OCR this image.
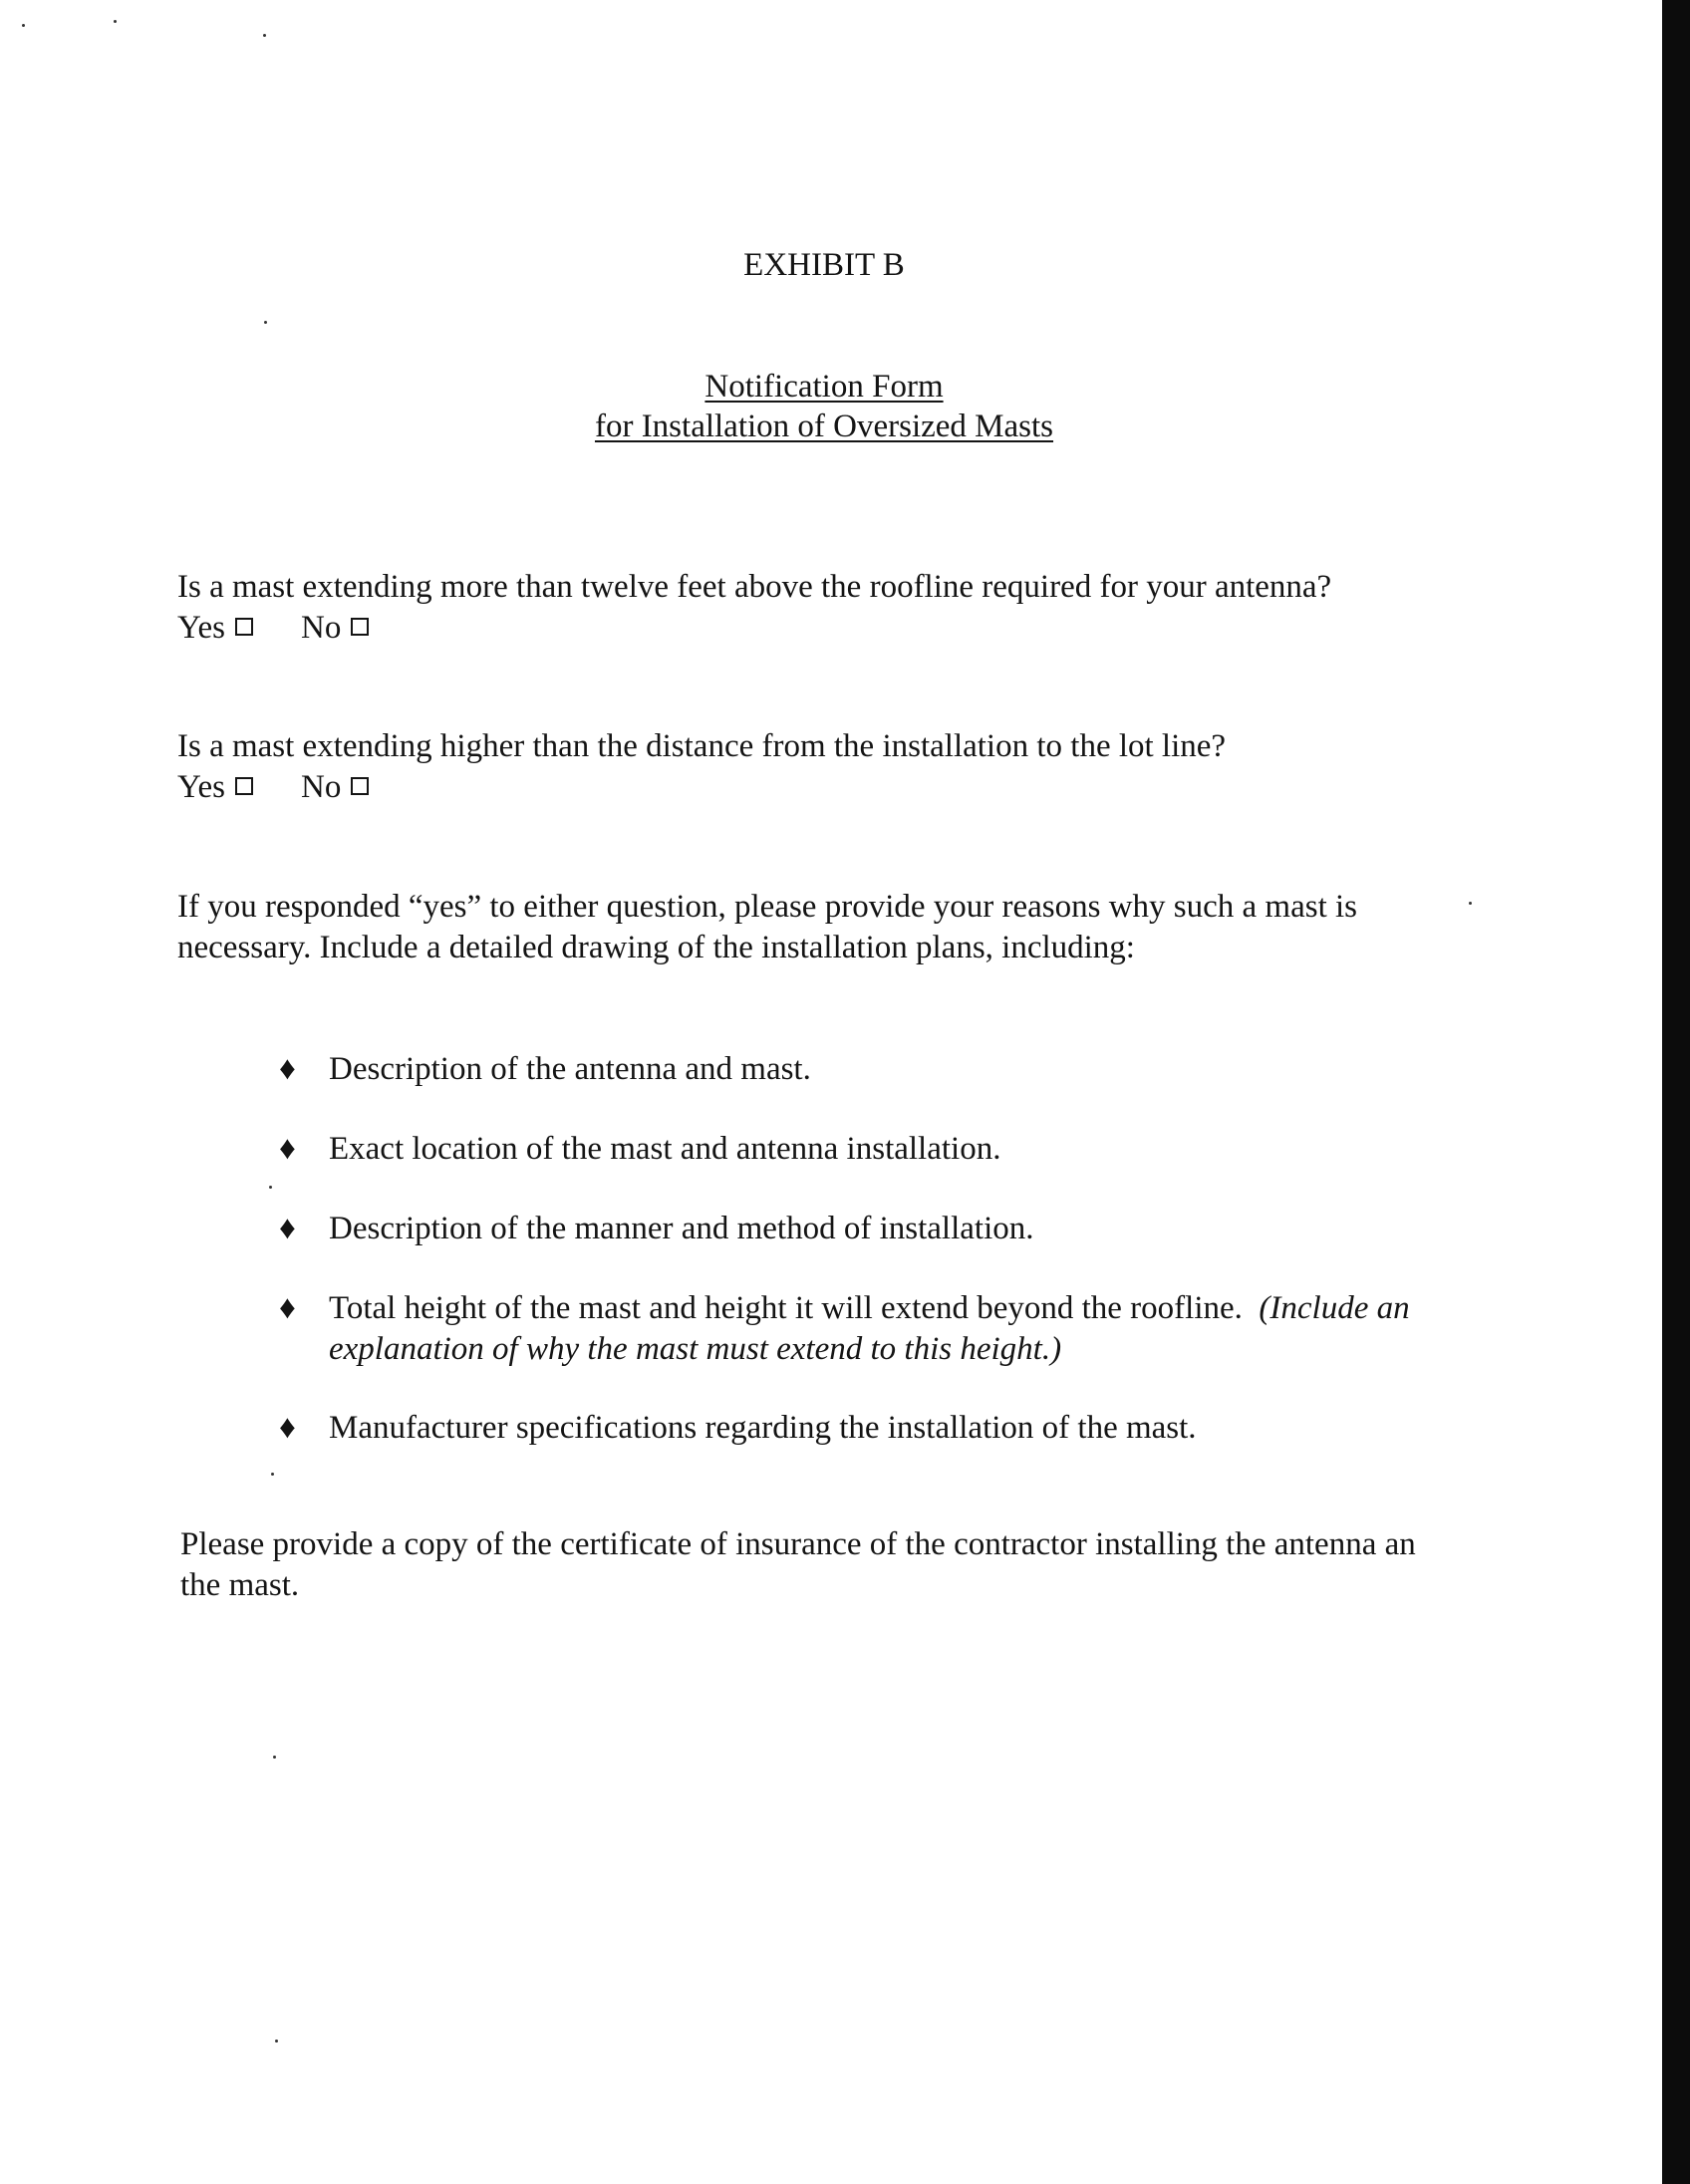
EXHIBIT B
Notification Form
for Installation of Oversized Masts
Is a mast extending more than twelve feet above the roofline required for your antenna?
Yes No
Is a mast extending higher than the distance from the installation to the lot line?
Yes No
If you responded “yes” to either question, please provide your reasons why such a mast is
necessary. Include a detailed drawing of the installation plans, including:
♦ Description of the antenna and mast.
♦ Exact location of the mast and antenna installation.
♦ Description of the manner and method of installation.
♦ Total height of the mast and height it will extend beyond the roofline. (Include an
explanation of why the mast must extend to this height.)
♦ Manufacturer specifications regarding the installation of the mast.
Please provide a copy of the certificate of insurance of the contractor installing the antenna an
the mast.
